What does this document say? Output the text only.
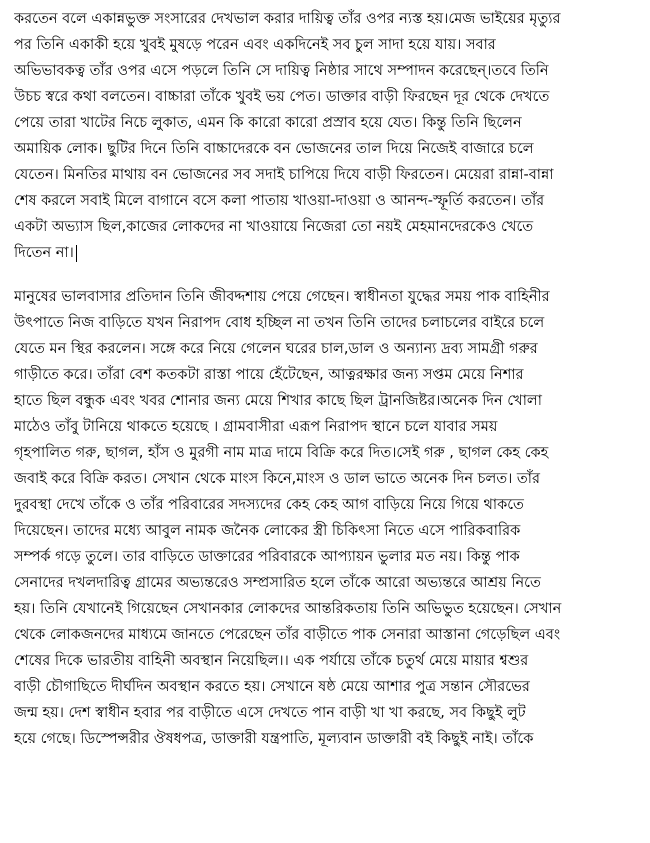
করতেন বলে একান্নভুক্ত সংসারের দেখভাল করার দায়িত্ব তাঁর ওপর ন্যস্ত হয়।মেজ ভাইয়ের মৃত্যুর
পর তিনি একাকী হয়ে খুবই মুষড়ে পরেন এবং একদিনেই সব চুল সাদা হয়ে যায়। সবার
অভিভাবকত্ব তাঁর ওপর এসে পড়লে তিনি সে দায়িত্ব নিষ্ঠার সাথে সম্পাদন করেছেন্।তবে তিনি
উচচ স্বরে কথা বলতেন। বাচ্চারা তাঁকে খুবই ভয় পেত। ডাক্তার বাড়ী ফিরছেন দূর থেকে দেখতে
পেয়ে তারা খাটের নিচে লুকাত, এমন কি কারো কারো প্রস্রাব হয়ে যেত। কিন্তু তিনি ছিলেন
অমায়িক লোক। ছুটির দিনে তিনি বাচ্চাদেরকে বন ভোজনের তাল দিয়ে নিজেই বাজারে চলে
যেতেন। মিনতির মাথায় বন ভোজনের সব সদাই চাপিয়ে দিযে বাড়ী ফিরতেন। মেয়েরা রান্না-বান্না
শেষ করলে সবাই মিলে বাগানে বসে কলা পাতায় খাওয়া-দাওয়া ও আনন্দ-স্ফূর্তি করতেন। তাঁর
একটা অভ্যাস ছিল,কাজের লোকদের না খাওয়ায়ে নিজেরা তো নয়ই মেহমানদেরকেও খেতে
দিতেন না।
মানুষের ভালবাসার প্রতিদান তিনি জীবদ্দশায় পেয়ে গেছেন। স্বাধীনতা যুদ্ধের সময় পাক বাহিনীর
উৎপাতে নিজ বাড়িতে যখন নিরাপদ বোধ হচ্ছিল না তখন তিনি তাদের চলাচলের বাইরে চলে
যেতে মন স্থির করলেন। সঙ্গে করে নিয়ে গেলেন ঘরের চাল,ডাল ও অন্যান্য দ্রব্য সামগ্রী গরুর
গাড়ীতে করে। তাঁরা বেশ কতকটা রাস্তা পায়ে হেঁটেছেন, আত্নরক্ষার জন্য সপ্তম মেয়ে নিশার
হাতে ছিল বন্ধুক এবং খবর শোনার জন্য মেয়ে শিখার কাছে ছিল ট্রানজিষ্টর।অনেক দিন খোলা
মাঠেও তাঁবু টানিয়ে থাকতে হয়েছে । গ্রামবাসীরা এরূপ নিরাপদ স্থানে চলে যাবার সময়
গৃহপালিত গরু, ছাগল, হাঁস ও মুরগী নাম মাত্র দামে বিক্রি করে দিত।সেই গরু , ছাগল কেহ কেহ
জবাই করে বিক্রি করত। সেখান থেকে মাংস কিনে,মাংস ও ডাল ভাতে অনেক দিন চলত। তাঁর
দুরবস্থা দেখে তাঁকে ও তাঁর পরিবারের সদস্যদের কেহ কেহ আগ বাড়িয়ে নিয়ে গিয়ে থাকতে
দিয়েছেন। তাদের মধ্যে আবুল নামক জনৈক লোকের স্ত্রী চিকিৎসা নিতে এসে পারিকবারিক
সম্পর্ক গড়ে তুলে। তার বাড়িতে ডাক্তারের পরিবারকে আপ্যায়ন ভুলার মত নয়। কিন্তু পাক
সেনাদের দখলদারিত্ব গ্রামের অভ্যন্তরেও সম্প্রসারিত হলে তাঁকে আরো অভ্যন্তরে আশ্রয় নিতে
হয়। তিনি যেখানেই গিয়েছেন সেখানকার লোকদের আন্তরিকতায় তিনি অভিভুত হয়েছেন। সেখান
থেকে লোকজনদের মাধ্যমে জানতে পেরেছেন তাঁর বাড়ীতে পাক সেনারা আস্তানা গেড়েছিল এবং
শেষের দিকে ভারতীয় বাহিনী অবস্থান নিয়েছিল।। এক পর্যায়ে তাঁকে চতুর্থ মেয়ে মায়ার শ্বশুর
বাড়ী চৌগাছিতে দীর্ঘদিন অবস্থান করতে হয়। সেখানে ষষ্ঠ মেয়ে আশার পুত্র সন্তান সৌরভের
জন্ম হয়। দেশ স্বাধীন হবার পর বাড়ীতে এসে দেখতে পান বাড়ী খা খা করছে, সব কিছুই লুট
হয়ে গেছে। ডিস্পেন্সরীর ঔষধপত্র, ডাক্তারী যন্ত্রপাতি, মূল্যবান ডাক্তারী বই কিছুই নাই। তাঁকে
